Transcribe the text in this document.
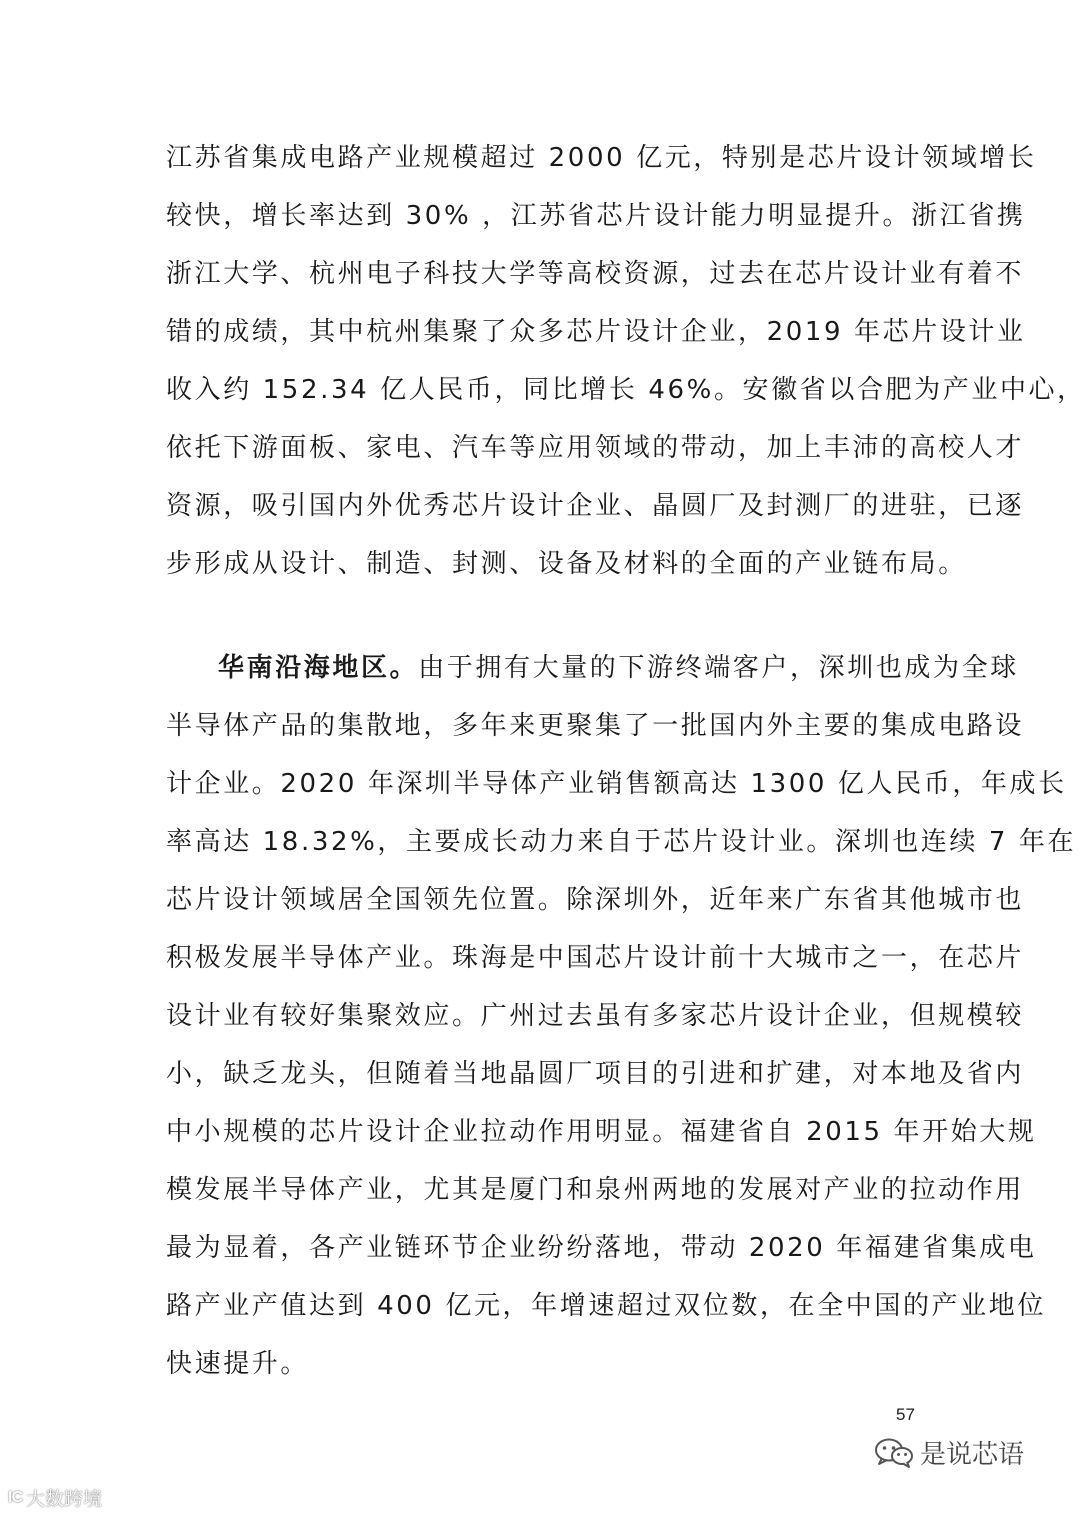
江苏省集成电路产业规模超过 2000 亿元，特别是芯片设计领域增长
较快，增长率达到 30% ，江苏省芯片设计能力明显提升。浙江省携
浙江大学、杭州电子科技大学等高校资源，过去在芯片设计业有着不
错的成绩，其中杭州集聚了众多芯片设计企业，2019 年芯片设计业
收入约 152.34 亿人民币，同比增长 46%。安徽省以合肥为产业中心，
依托下游面板、家电、汽车等应用领域的带动，加上丰沛的高校人才
资源，吸引国内外优秀芯片设计企业、晶圆厂及封测厂的进驻，已逐
步形成从设计、制造、封测、设备及材料的全面的产业链布局。
华南沿海地区。由于拥有大量的下游终端客户，深圳也成为全球
半导体产品的集散地，多年来更聚集了一批国内外主要的集成电路设
计企业。2020 年深圳半导体产业销售额高达 1300 亿人民币，年成长
率高达 18.32%，主要成长动力来自于芯片设计业。深圳也连续 7 年在
芯片设计领域居全国领先位置。除深圳外，近年来广东省其他城市也
积极发展半导体产业。珠海是中国芯片设计前十大城市之一，在芯片
设计业有较好集聚效应。广州过去虽有多家芯片设计企业，但规模较
小，缺乏龙头，但随着当地晶圆厂项目的引进和扩建，对本地及省内
中小规模的芯片设计企业拉动作用明显。福建省自 2015 年开始大规
模发展半导体产业，尤其是厦门和泉州两地的发展对产业的拉动作用
最为显着，各产业链环节企业纷纷落地，带动 2020 年福建省集成电
路产业产值达到 400 亿元，年增速超过双位数，在全中国的产业地位
快速提升。
57
是说芯语
IC 大数跨境
